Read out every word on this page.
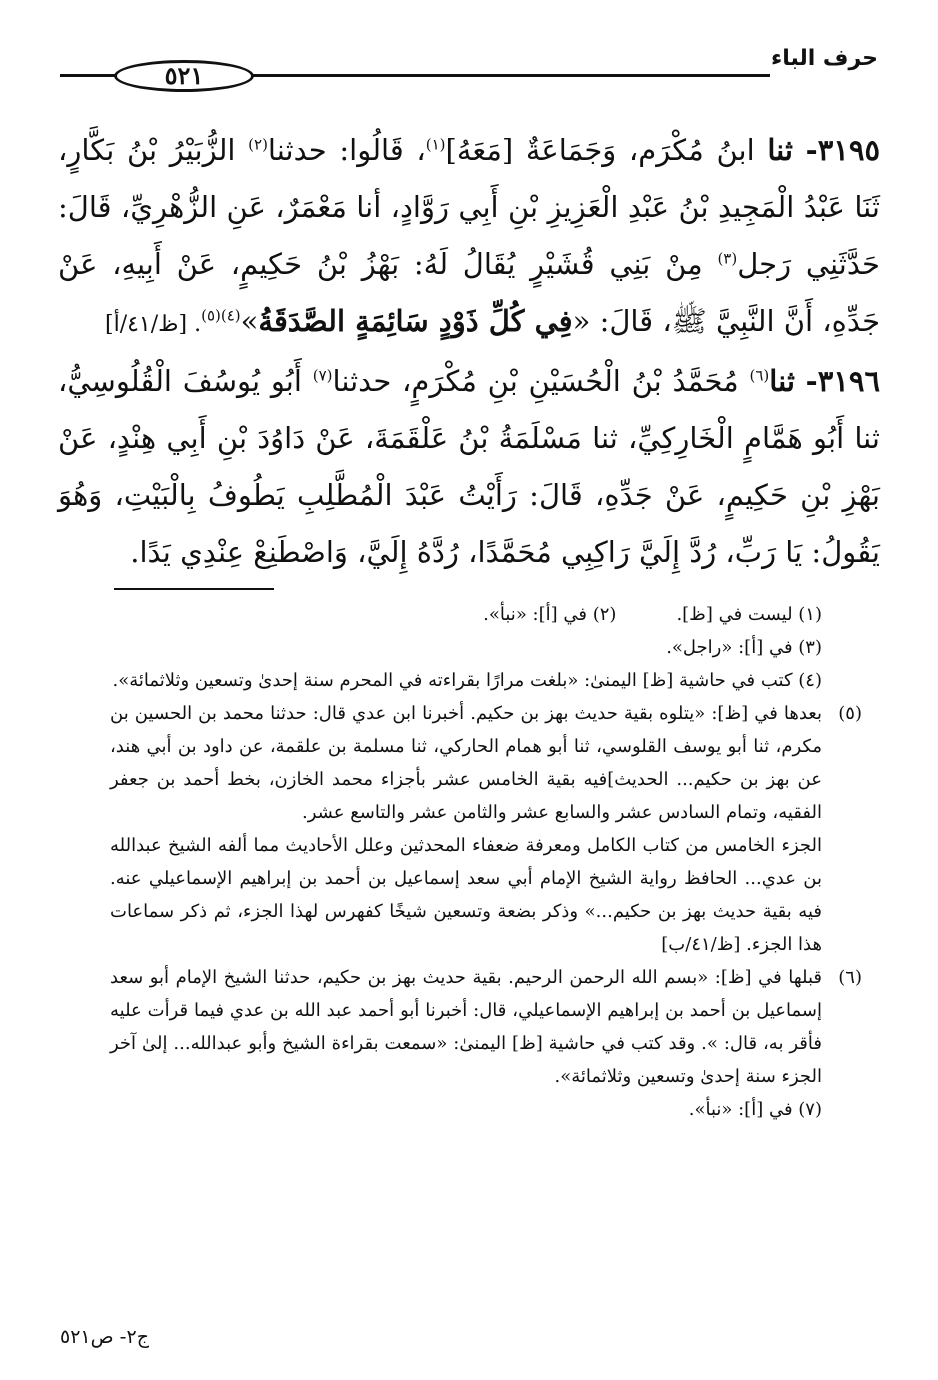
حرف الباء
٥٢١

٣١٩٥- ثنا ابنُ مُكْرَم، وَجَمَاعَةٌ [مَعَهُ]$^{(١)}$، قَالُوا: حدثنا$^{(٢)}$ الزُّبَيْرُ بْنُ بَكَّارٍ، ثَنَا عَبْدُ الْمَجِيدِ بْنُ عَبْدِ الْعَزِيزِ بْنِ أَبِي رَوَّادٍ، أنا مَعْمَرٌ، عَنِ الزُّهْرِيِّ، قَالَ: حَدَّثَنِي رَجل$^{(٣)}$ مِنْ بَنِي قُشَيْرٍ يُقَالُ لَهُ: بَهْزُ بْنُ حَكِيمٍ، عَنْ أَبِيهِ، عَنْ جَدِّهِ، أَنَّ النَّبِيَّ ﷺ، قَالَ: «فِي كُلِّ ذَوْدٍ سَائِمَةٍ الصَّدَقَةُ»$^{(٤)(٥)}$. [ظ/٤١/أ]

٣١٩٦- ثنا$^{(٦)}$ مُحَمَّدُ بْنُ الْحُسَيْنِ بْنِ مُكْرَمٍ، حدثنا$^{(٧)}$ أَبُو يُوسُفَ الْقُلُوسِيُّ، ثنا أَبُو هَمَّامٍ الْخَارِكِيِّ، ثنا مَسْلَمَةُ بْنُ عَلْقَمَةَ، عَنْ دَاوُدَ بْنِ أَبِي هِنْدٍ، عَنْ بَهْزِ بْنِ حَكِيمٍ، عَنْ جَدِّهِ، قَالَ: رَأَيْتُ عَبْدَ الْمُطَّلِبِ يَطُوفُ بِالْبَيْتِ، وَهُوَ يَقُولُ: يَا رَبِّ، رُدَّ إِلَيَّ رَاكِبِي مُحَمَّدًا، رُدَّهُ إِلَيَّ، وَاصْطَنِعْ عِنْدِي يَدًا.

(١) ليست في [ظ].
(٢) في [أ]: «نبأ».

(٣) في [أ]: «راجل».

(٤) كتب في حاشية [ظ] اليمنىٰ: «بلغت مرارًا بقراءته في المحرم سنة إحدىٰ وتسعين وثلاثمائة».

(٥)
بعدها في [ظ]: «يتلوه بقية حديث بهز بن حكيم. أخبرنا ابن عدي قال: حدثنا محمد بن الحسين بن مكرم، ثنا أبو يوسف القلوسي، ثنا أبو همام الحاركي، ثنا مسلمة بن علقمة، عن داود بن أبي هند، عن بهز بن حكيم... الحديث]فيه بقية الخامس عشر بأجزاء محمد الخازن، بخط أحمد بن جعفر الفقيه، وتمام السادس عشر والسابع عشر والثامن عشر والتاسع عشر.

الجزء الخامس من كتاب الكامل ومعرفة ضعفاء المحدثين وعلل الأحاديث مما ألفه الشيخ عبدالله بن عدي... الحافظ رواية الشيخ الإمام أبي سعد إسماعيل بن أحمد بن إبراهيم الإسماعيلي عنه. فيه بقية حديث بهز بن حكيم...» وذكر بضعة وتسعين شيخًا كفهرس لهذا الجزء، ثم ذكر سماعات هذا الجزء. [ظ/٤١/ب]

(٦)
قبلها في [ظ]: «بسم الله الرحمن الرحيم. بقية حديث بهز بن حكيم، حدثنا الشيخ الإمام أبو سعد إسماعيل بن أحمد بن إبراهيم الإسماعيلي، قال: أخبرنا أبو أحمد عبد الله بن عدي فيما قرأت عليه فأقر به، قال: ». وقد كتب في حاشية [ظ] اليمنىٰ: «سمعت بقراءة الشيخ وأبو عبدالله... إلىٰ آخر الجزء سنة إحدىٰ وتسعين وثلاثمائة».

(٧) في [أ]: «نبأ».

ج٢- ص٥٢١
